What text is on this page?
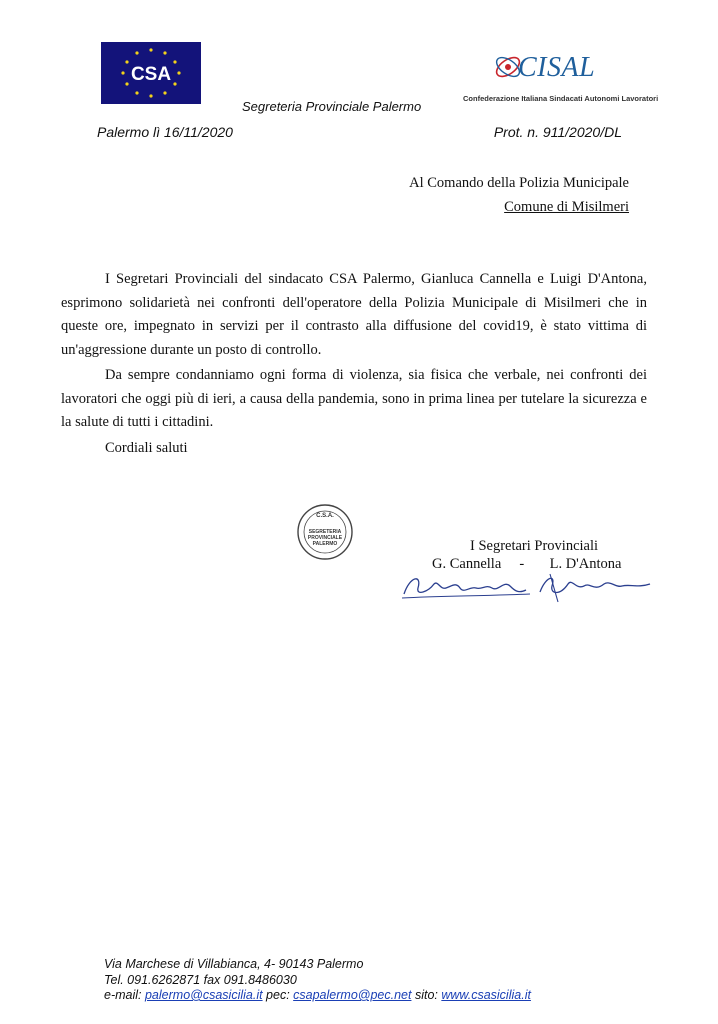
CSA	CISAL
Confederazione Italiana Sindacati Autonomi Lavoratori
Segreteria Provinciale Palermo
Palermo lì 16/11/2020	Prot. n. 911/2020/DL
Al Comando della Polizia Municipale
Comune di Misilmeri

I Segretari Provinciali del sindacato CSA Palermo, Gianluca Cannella e Luigi D'Antona, esprimono solidarietà nei confronti dell'operatore della Polizia Municipale di Misilmeri che in queste ore, impegnato in servizi per il contrasto alla diffusione del covid19, è stato vittima di un'aggressione durante un posto di controllo.

Da sempre condanniamo ogni forma di violenza, sia fisica che verbale, nei confronti dei lavoratori che oggi più di ieri, a causa della pandemia, sono in prima linea per tutelare la sicurezza e la salute di tutti i cittadini.

Cordiali saluti

C.S.A.
SEGRETERIA
PROVINCIALE
PALERMO	I Segretari Provinciali
G. Cannella     -       L. D'Antona
Via Marchese di Villabianca, 4- 90143 Palermo
Tel. 091.6262871 fax 091.8486030
e-mail: palermo@csasicilia.it pec: csapalermo@pec.net sito: www.csasicilia.it
